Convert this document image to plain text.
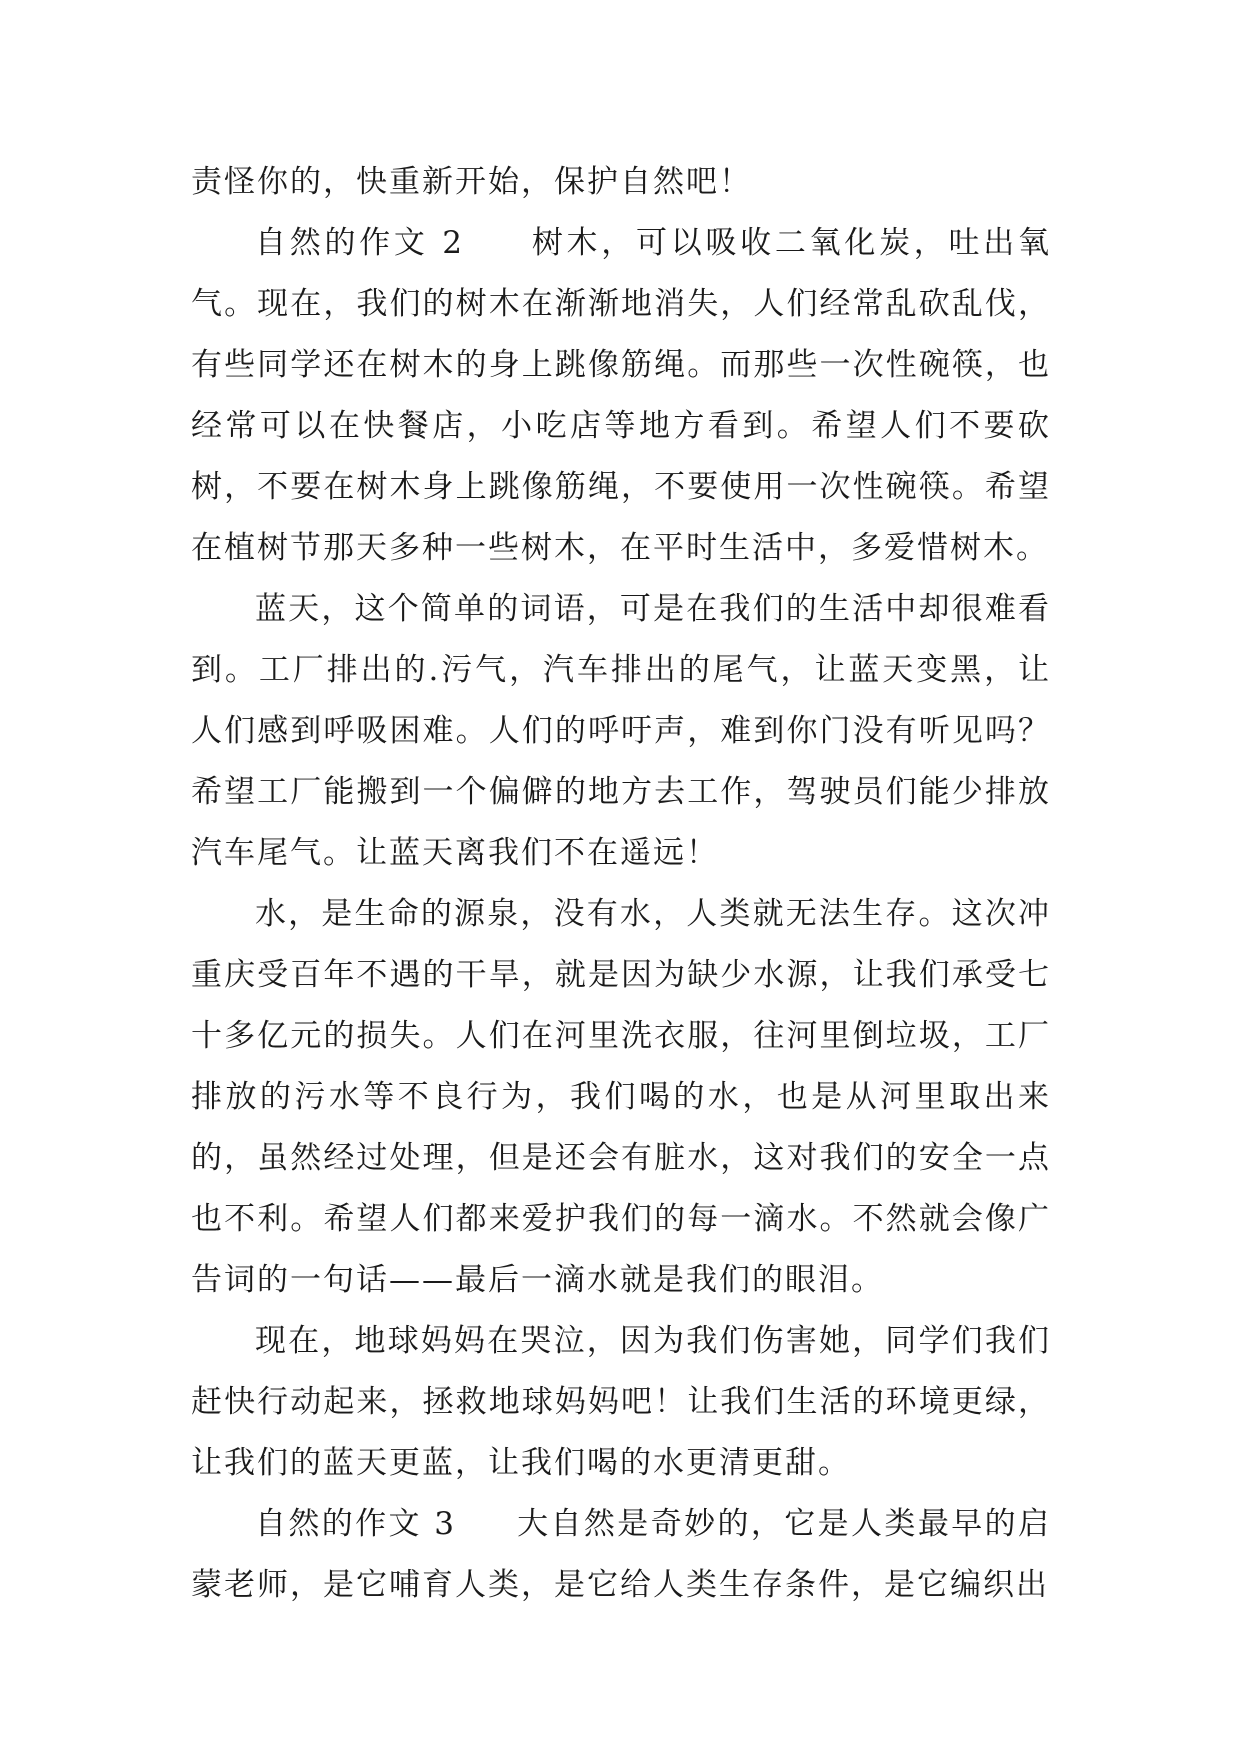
责怪你的，快重新开始，保护自然吧！

自然的作文 2     树木，可以吸收二氧化炭，吐出氧气。现在，我们的树木在渐渐地消失，人们经常乱砍乱伐，有些同学还在树木的身上跳像筋绳。而那些一次性碗筷，也经常可以在快餐店，小吃店等地方看到。希望人们不要砍树，不要在树木身上跳像筋绳，不要使用一次性碗筷。希望在植树节那天多种一些树木，在平时生活中，多爱惜树木。

蓝天，这个简单的词语，可是在我们的生活中却很难看到。工厂排出的.污气，汽车排出的尾气，让蓝天变黑，让人们感到呼吸困难。人们的呼吁声，难到你门没有听见吗？希望工厂能搬到一个偏僻的地方去工作，驾驶员们能少排放汽车尾气。让蓝天离我们不在遥远！

水，是生命的源泉，没有水，人类就无法生存。这次冲重庆受百年不遇的干旱，就是因为缺少水源，让我们承受七十多亿元的损失。人们在河里洗衣服，往河里倒垃圾，工厂排放的污水等不良行为，我们喝的水，也是从河里取出来的，虽然经过处理，但是还会有脏水，这对我们的安全一点也不利。希望人们都来爱护我们的每一滴水。不然就会像广告词的一句话——最后一滴水就是我们的眼泪。

现在，地球妈妈在哭泣，因为我们伤害她，同学们我们赶快行动起来，拯救地球妈妈吧！让我们生活的环境更绿，让我们的蓝天更蓝，让我们喝的水更清更甜。

自然的作文 3     大自然是奇妙的，它是人类最早的启蒙老师，是它哺育人类，是它给人类生存条件，是它编织出
